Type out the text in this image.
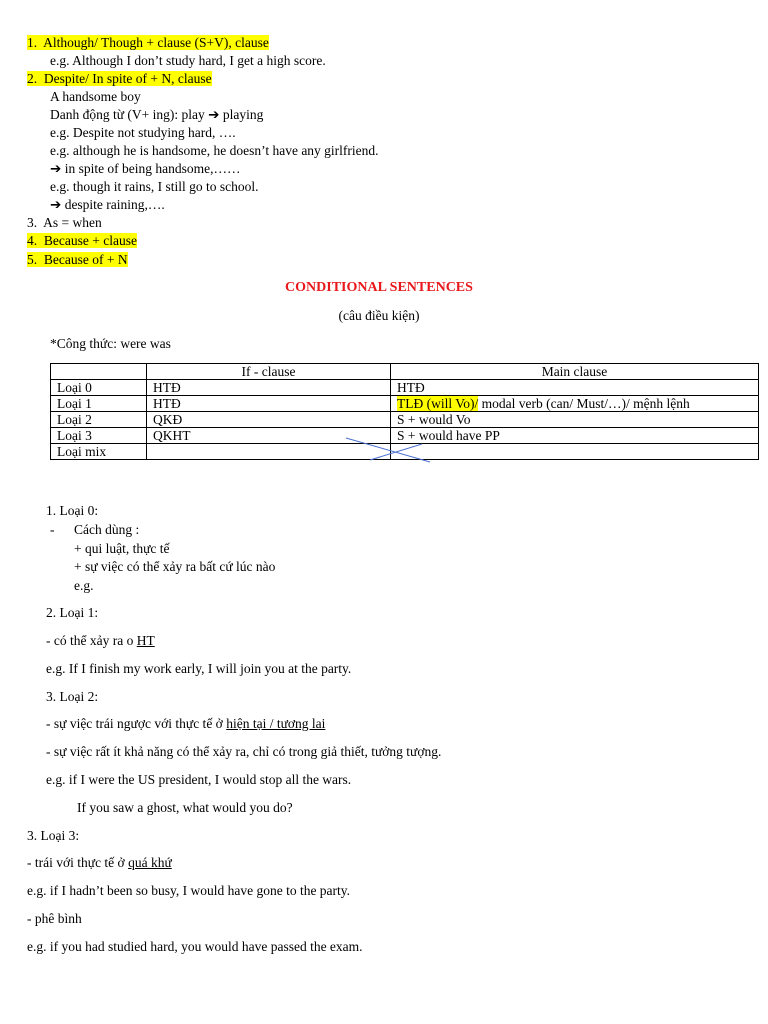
1. Although/ Though + clause (S+V), clause
e.g. Although I don’t study hard, I get a high score.
2. Despite/ In spite of + N, clause
A handsome boy
Danh động từ (V+ ing): play ➔ playing
e.g. Despite not studying hard, ….
e.g. although he is handsome, he doesn’t have any girlfriend.
➔ in spite of being handsome,……
e.g. though it rains, I still go to school.
➔ despite raining,….
3. As = when
4. Because + clause
5. Because of + N
CONDITIONAL SENTENCES
(câu điều kiện)
*Công thức: were was
	If - clause	Main clause
Loại 0	HTĐ	HTĐ
Loại 1	HTĐ	TLĐ (will Vo)/ modal verb (can/ Must/…)/ mệnh lệnh
Loại 2	QKĐ	S + would Vo
Loại 3	QKHT	S + would have PP
Loại mix		
1. Loại 0:
- Cách dùng :
+ qui luật, thực tế
+ sự việc có thể xảy ra bất cứ lúc nào
e.g.
2. Loại 1:
- có thể xảy ra o HT
e.g. If I finish my work early, I will join you at the party.
3. Loại 2:
- sự việc trái ngược với thực tế ở hiện tại / tương lai
- sự việc rất ít khả năng có thể xảy ra, chỉ có trong giả thiết, tưởng tượng.
e.g. if I were the US president, I would stop all the wars.
If you saw a ghost, what would you do?
3. Loại 3:
- trái với thực tế ở quá khứ
e.g. if I hadn’t been so busy, I would have gone to the party.
- phê bình
e.g. if you had studied hard, you would have passed the exam.
